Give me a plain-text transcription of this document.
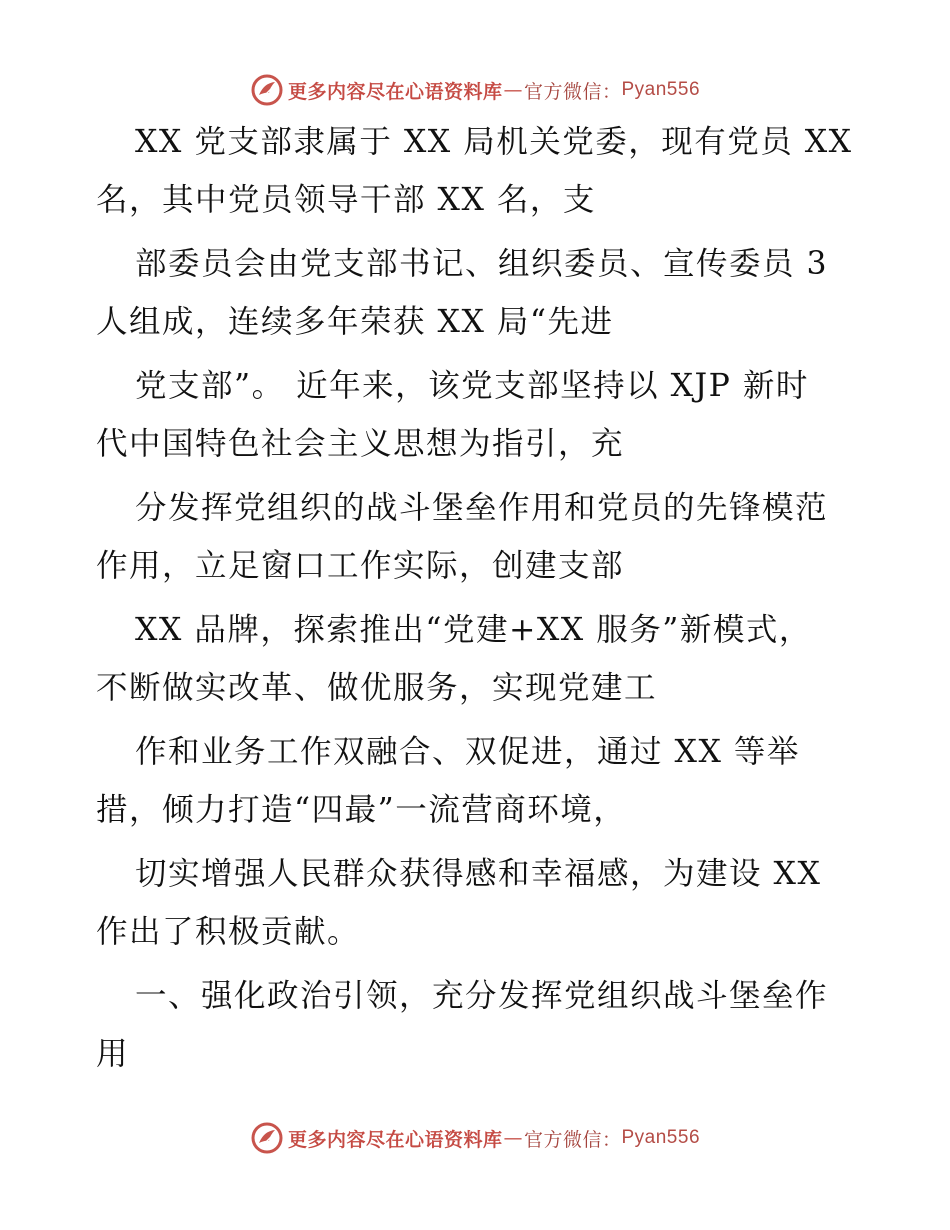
更多内容尽在心语资料库 — 官方微信： Pyan556
XX 党支部隶属于 XX 局机关党委，现有党员 XX
名，其中党员领导干部 XX 名，支
部委员会由党支部书记、组织委员、宣传委员 3
人组成，连续多年荣获 XX 局“先进
党支部”。 近年来，该党支部坚持以 XJP 新时
代中国特色社会主义思想为指引，充
分发挥党组织的战斗堡垒作用和党员的先锋模范
作用，立足窗口工作实际，创建支部
XX 品牌，探索推出“党建+XX 服务”新模式，
不断做实改革、做优服务，实现党建工
作和业务工作双融合、双促进，通过 XX 等举
措，倾力打造“四最”一流营商环境，
切实增强人民群众获得感和幸福感，为建设 XX
作出了积极贡献。
一、强化政治引领，充分发挥党组织战斗堡垒作
用
更多内容尽在心语资料库 — 官方微信： Pyan556
